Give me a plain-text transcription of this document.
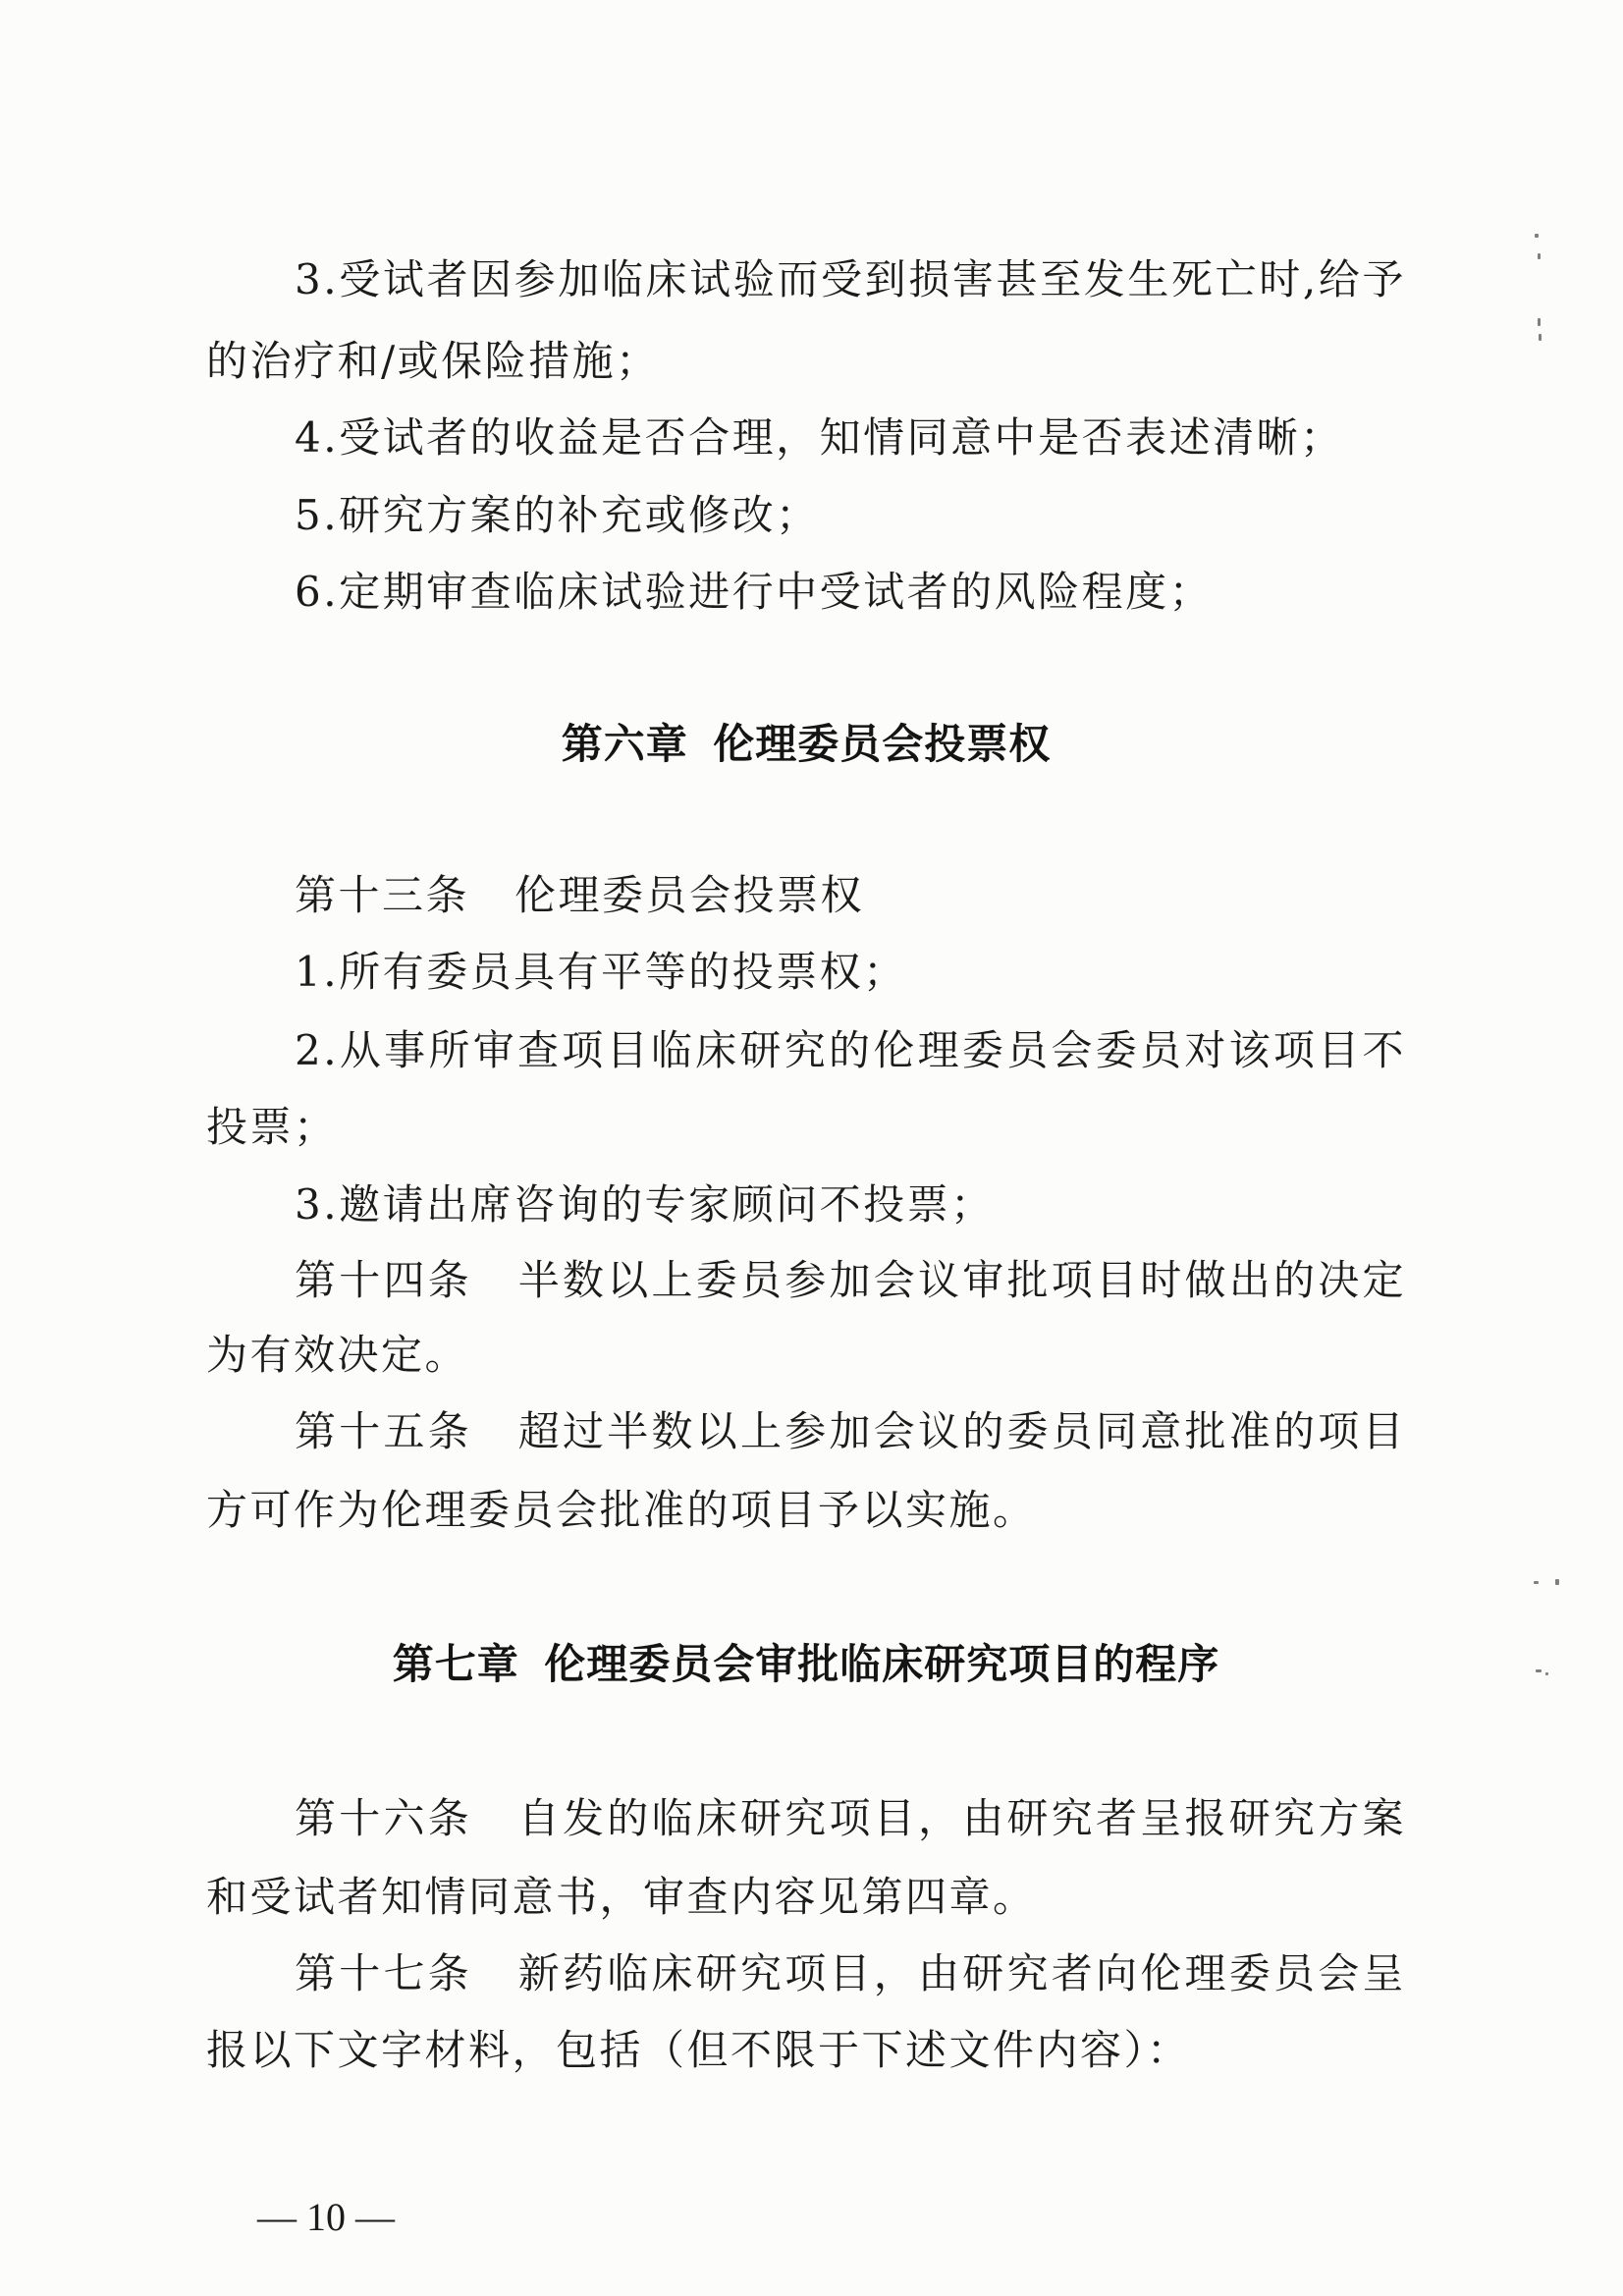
3.受试者因参加临床试验而受到损害甚至发生死亡时,给予
的治疗和/或保险措施；
4.受试者的收益是否合理，知情同意中是否表述清晰；
5.研究方案的补充或修改；
6.定期审查临床试验进行中受试者的风险程度；
第六章 伦理委员会投票权
第十三条 伦理委员会投票权
1.所有委员具有平等的投票权；
2.从事所审查项目临床研究的伦理委员会委员对该项目不
投票；
3.邀请出席咨询的专家顾问不投票；
第十四条 半数以上委员参加会议审批项目时做出的决定
为有效决定。
第十五条 超过半数以上参加会议的委员同意批准的项目
方可作为伦理委员会批准的项目予以实施。
第七章 伦理委员会审批临床研究项目的程序
第十六条 自发的临床研究项目，由研究者呈报研究方案
和受试者知情同意书，审查内容见第四章。
第十七条 新药临床研究项目，由研究者向伦理委员会呈
报以下文字材料，包括（但不限于下述文件内容）：
— 10 —
